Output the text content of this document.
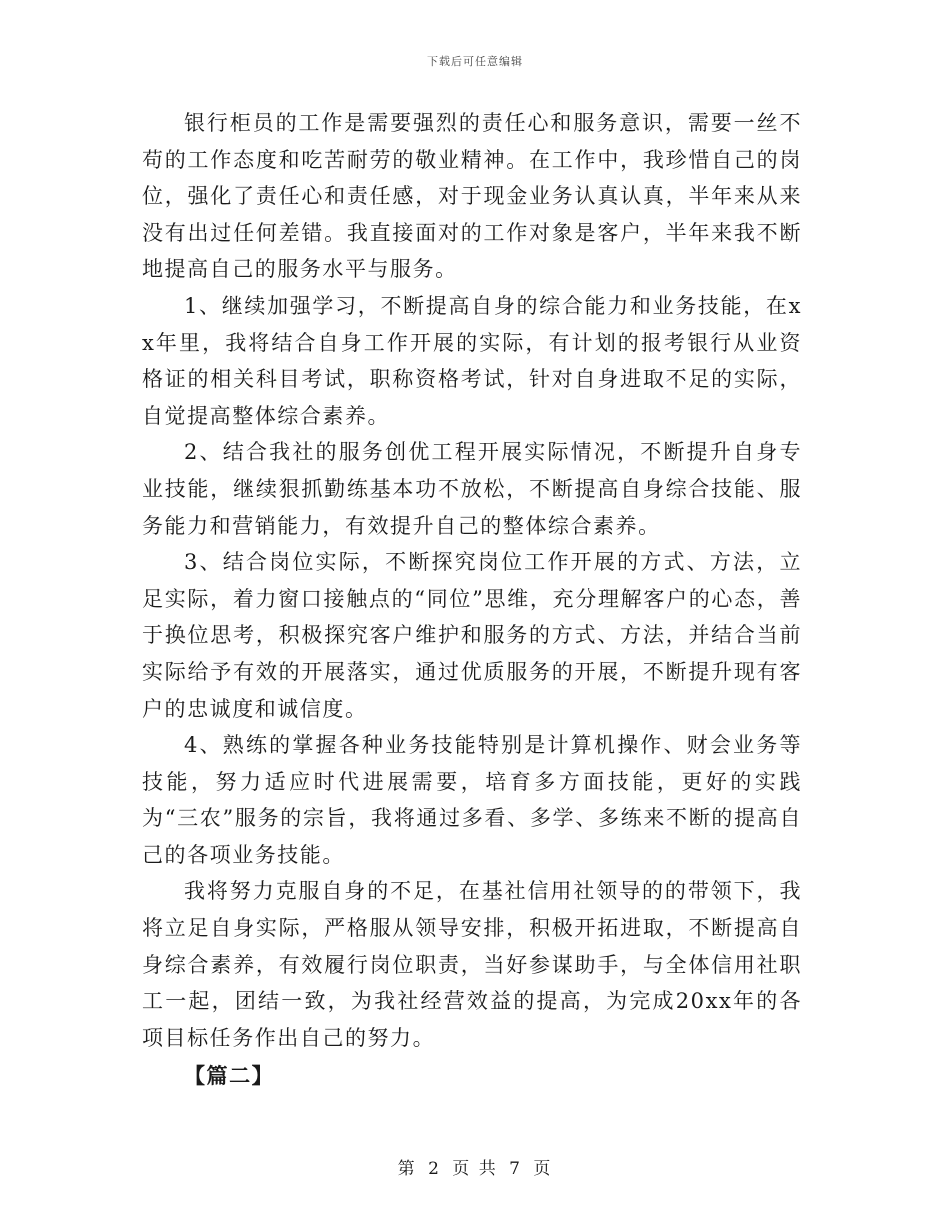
下载后可任意编辑

银行柜员的工作是需要强烈的责任心和服务意识，需要一丝不苟的工作态度和吃苦耐劳的敬业精神。在工作中，我珍惜自己的岗位，强化了责任心和责任感，对于现金业务认真认真，半年来从来没有出过任何差错。我直接面对的工作对象是客户，半年来我不断地提高自己的服务水平与服务。

1、继续加强学习，不断提高自身的综合能力和业务技能，在xx年里，我将结合自身工作开展的实际，有计划的报考银行从业资格证的相关科目考试，职称资格考试，针对自身进取不足的实际，自觉提高整体综合素养。

2、结合我社的服务创优工程开展实际情况，不断提升自身专业技能，继续狠抓勤练基本功不放松，不断提高自身综合技能、服务能力和营销能力，有效提升自己的整体综合素养。

3、结合岗位实际，不断探究岗位工作开展的方式、方法，立足实际，着力窗口接触点的“同位”思维，充分理解客户的心态，善于换位思考，积极探究客户维护和服务的方式、方法，并结合当前实际给予有效的开展落实，通过优质服务的开展，不断提升现有客户的忠诚度和诚信度。

4、熟练的掌握各种业务技能特别是计算机操作、财会业务等技能，努力适应时代进展需要，培育多方面技能，更好的实践为“三农”服务的宗旨，我将通过多看、多学、多练来不断的提高自己的各项业务技能。

我将努力克服自身的不足，在基社信用社领导的的带领下，我将立足自身实际，严格服从领导安排，积极开拓进取，不断提高自身综合素养，有效履行岗位职责，当好参谋助手，与全体信用社职工一起，团结一致，为我社经营效益的提高，为完成20xx年的各项目标任务作出自己的努力。

【篇二】

第 2 页 共 7 页
